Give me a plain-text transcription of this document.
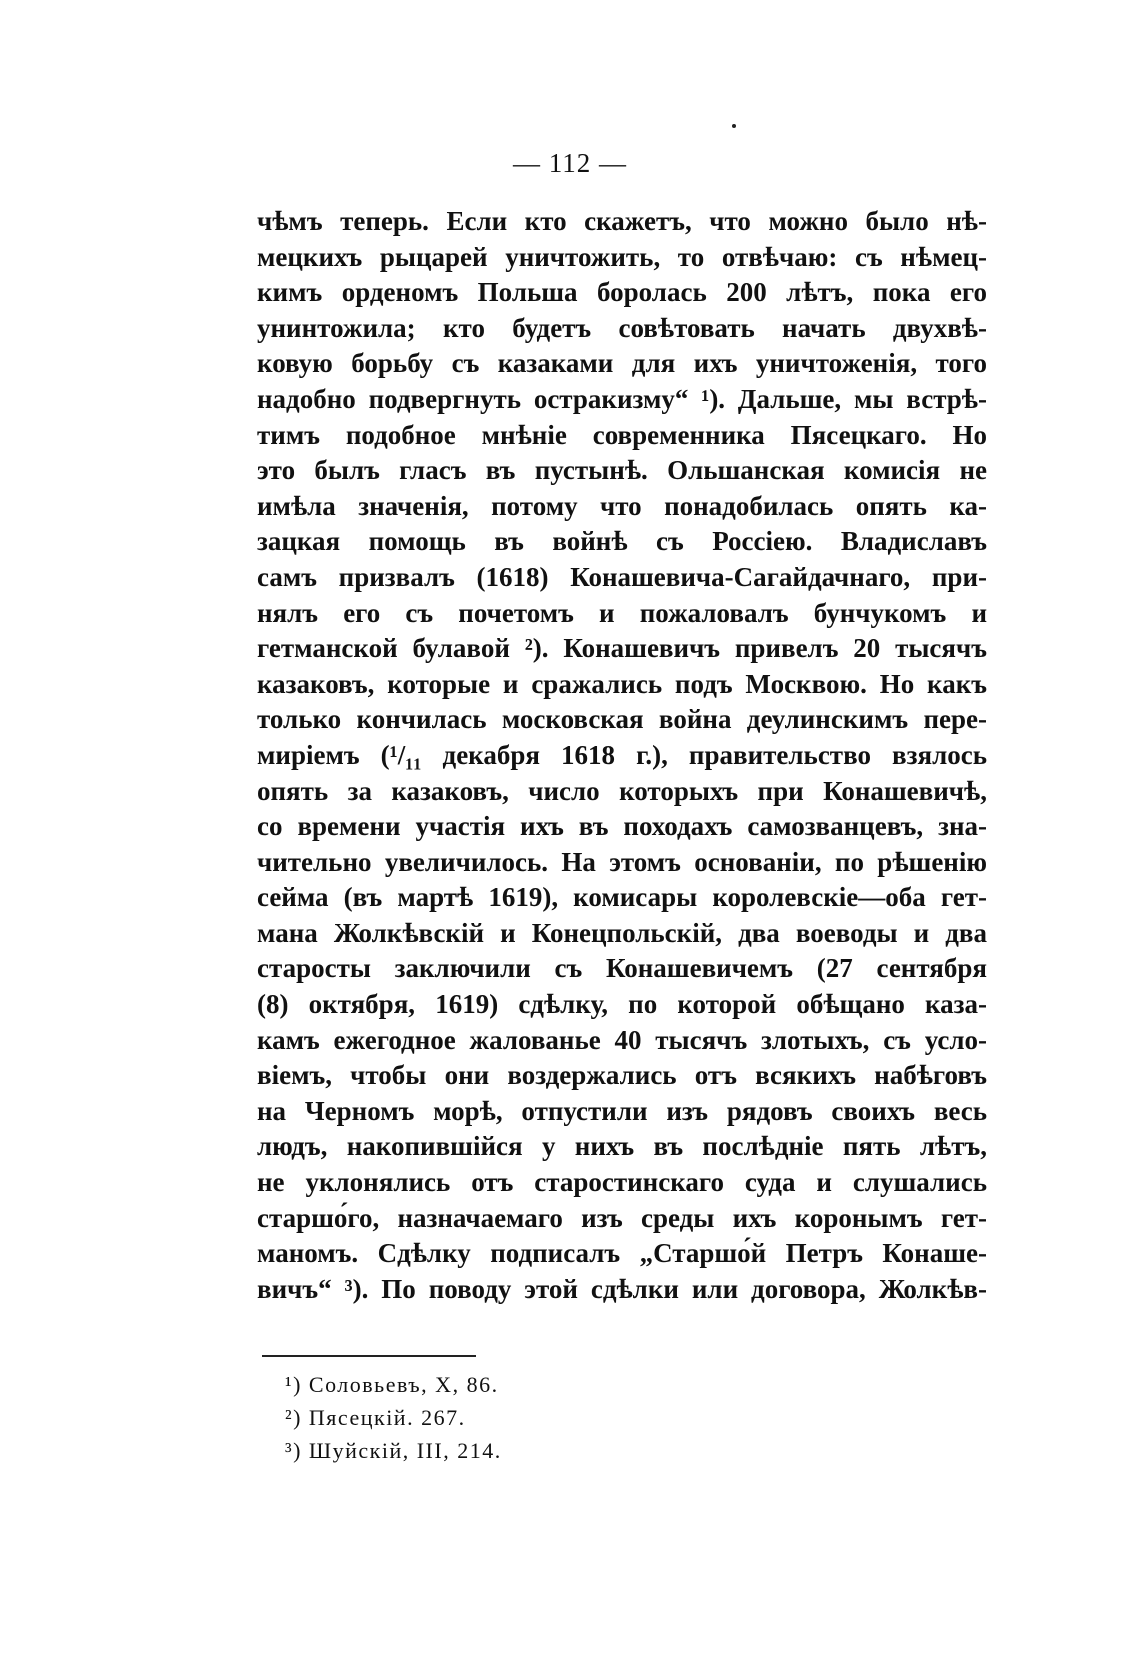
— 112 —
чѣмъ теперь. Если кто скажетъ, что можно было нѣ-
мецкихъ рыцарей уничтожить, то отвѣчаю: съ нѣмец-
кимъ орденомъ Польша боролась 200 лѣтъ, пока его
унинтожила; кто будетъ совѣтовать начать двухвѣ-
ковую борьбу съ казаками для ихъ уничтоженія, того
надобно подвергнуть остракизму“ ¹). Дальше, мы встрѣ-
тимъ подобное мнѣніе современника Пясецкаго. Но
это былъ гласъ въ пустынѣ. Ольшанская комисія не
имѣла значенія, потому что понадобилась опять ка-
зацкая помощь въ войнѣ съ Россіею. Владиславъ
самъ призвалъ (1618) Конашевича-Сагайдачнаго, при-
нялъ его съ почетомъ и пожаловалъ бунчукомъ и
гетманской булавой ²). Конашевичъ привелъ 20 тысячъ
казаковъ, которые и сражались подъ Москвою. Но какъ
только кончилась московская война деулинскимъ пере-
миріемъ (¹/₁₁ декабря 1618 г.), правительство взялось
опять за казаковъ, число которыхъ при Конашевичѣ,
со времени участія ихъ въ походахъ самозванцевъ, зна-
чительно увеличилось. На этомъ основаніи, по рѣшенію
сейма (въ мартѣ 1619), комисары королевскіе—оба гет-
мана Жолкѣвскій и Конецпольскій, два воеводы и два
старосты заключили съ Конашевичемъ (27 сентября
(8) октября, 1619) сдѣлку, по которой обѣщано каза-
камъ ежегодное жалованье 40 тысячъ злотыхъ, съ усло-
віемъ, чтобы они воздержались отъ всякихъ набѣговъ
на Черномъ морѣ, отпустили изъ рядовъ своихъ весь
людъ, накопившійся у нихъ въ послѣдніе пять лѣтъ,
не уклонялись отъ старостинскаго суда и слушались
старшо́го, назначаемаго изъ среды ихъ коронымъ гет-
маномъ. Сдѣлку подписалъ „Старшо́й Петръ Конаше-
вичъ“ ³). По поводу этой сдѣлки или договора, Жолкѣв-
¹) Соловьевъ, X, 86.
²) Пясецкій. 267.
³) Шуйскій, III, 214.
